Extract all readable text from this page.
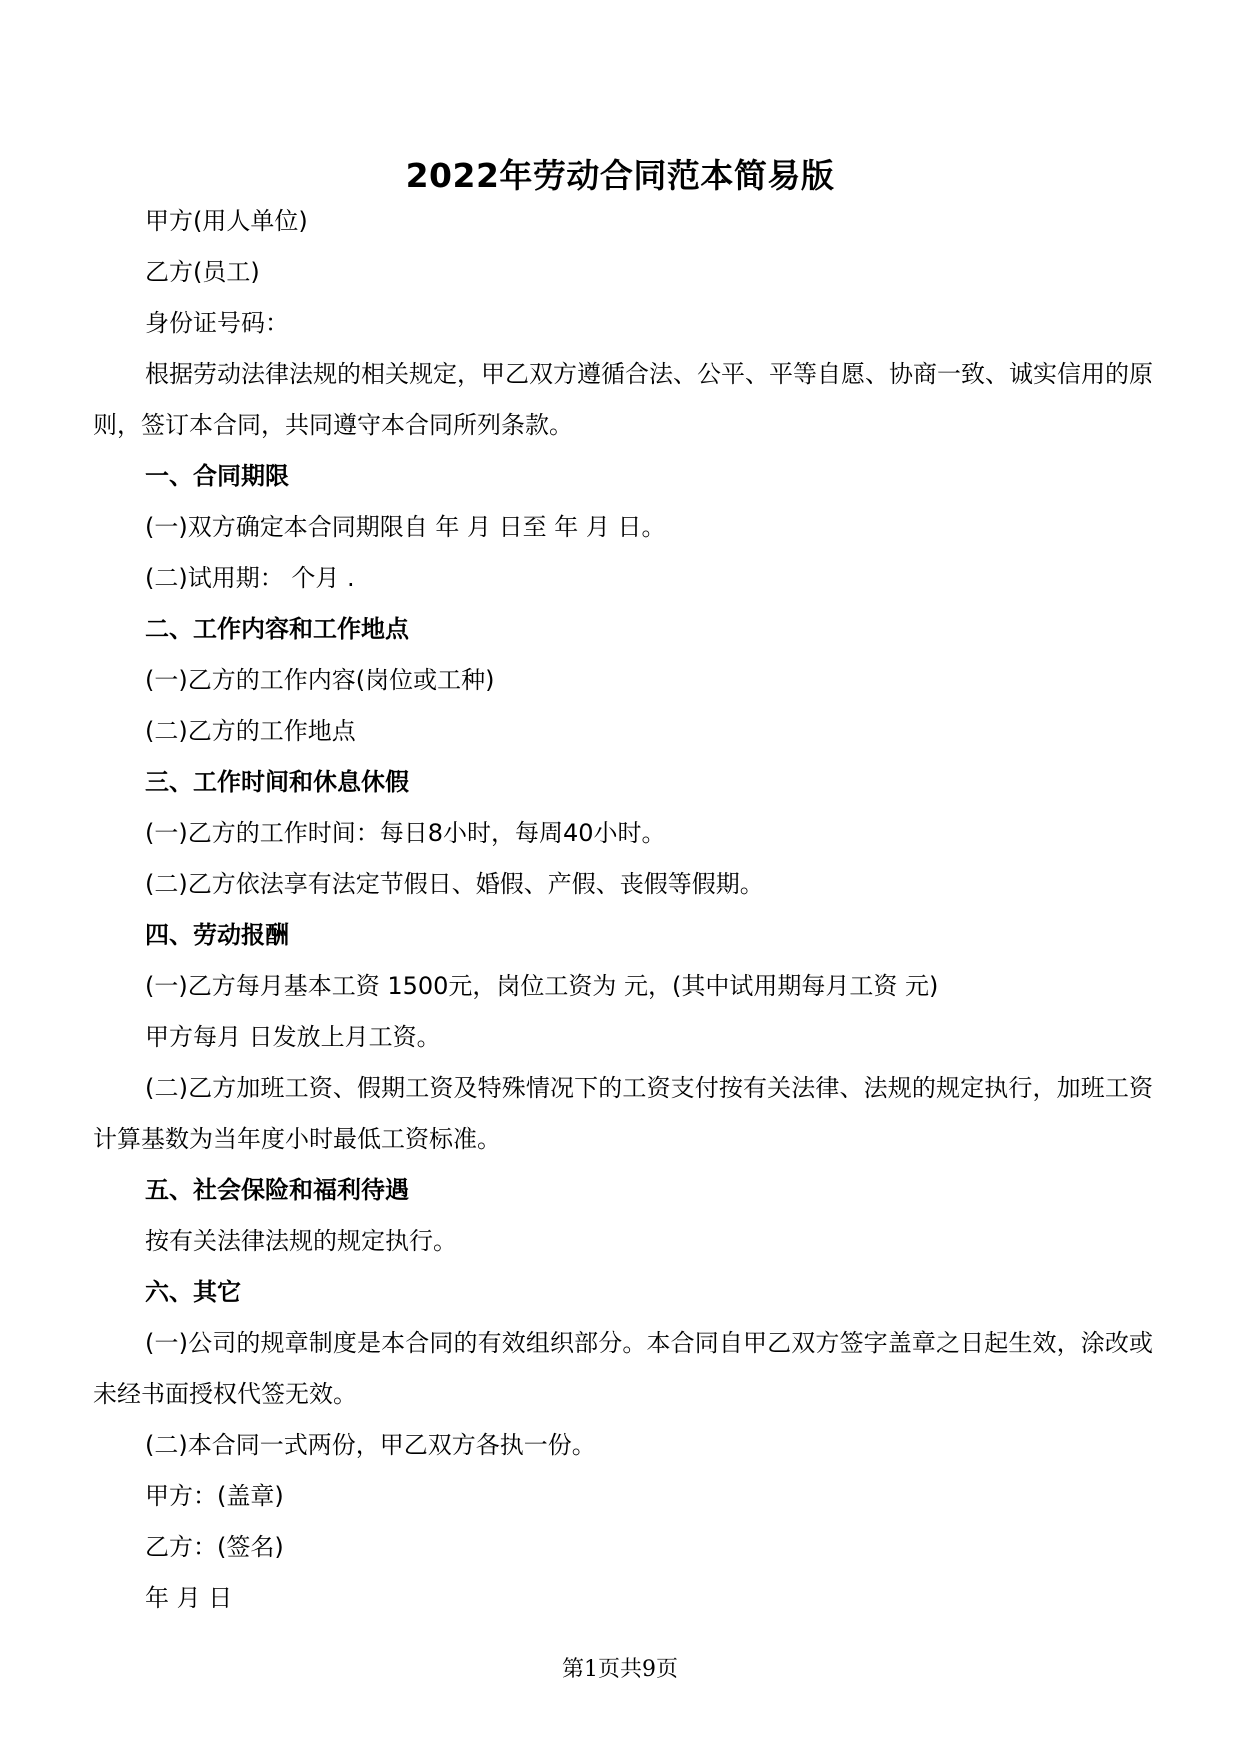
2022年劳动合同范本简易版

甲方(用人单位)

乙方(员工)

身份证号码：

根据劳动法律法规的相关规定，甲乙双方遵循合法、公平、平等自愿、协商一致、诚实信用的原则，签订本合同，共同遵守本合同所列条款。

一、合同期限

(一)双方确定本合同期限自 年 月 日至 年 月 日。

(二)试用期： 个月 .

二、工作内容和工作地点

(一)乙方的工作内容(岗位或工种)

(二)乙方的工作地点

三、工作时间和休息休假

(一)乙方的工作时间：每日8小时，每周40小时。

(二)乙方依法享有法定节假日、婚假、产假、丧假等假期。

四、劳动报酬

(一)乙方每月基本工资 1500元，岗位工资为 元，(其中试用期每月工资 元)

甲方每月 日发放上月工资。

(二)乙方加班工资、假期工资及特殊情况下的工资支付按有关法律、法规的规定执行，加班工资计算基数为当年度小时最低工资标准。

五、社会保险和福利待遇

按有关法律法规的规定执行。

六、其它

(一)公司的规章制度是本合同的有效组织部分。本合同自甲乙双方签字盖章之日起生效，涂改或未经书面授权代签无效。

(二)本合同一式两份，甲乙双方各执一份。

甲方：(盖章)

乙方：(签名)

年 月 日

第1页共9页
